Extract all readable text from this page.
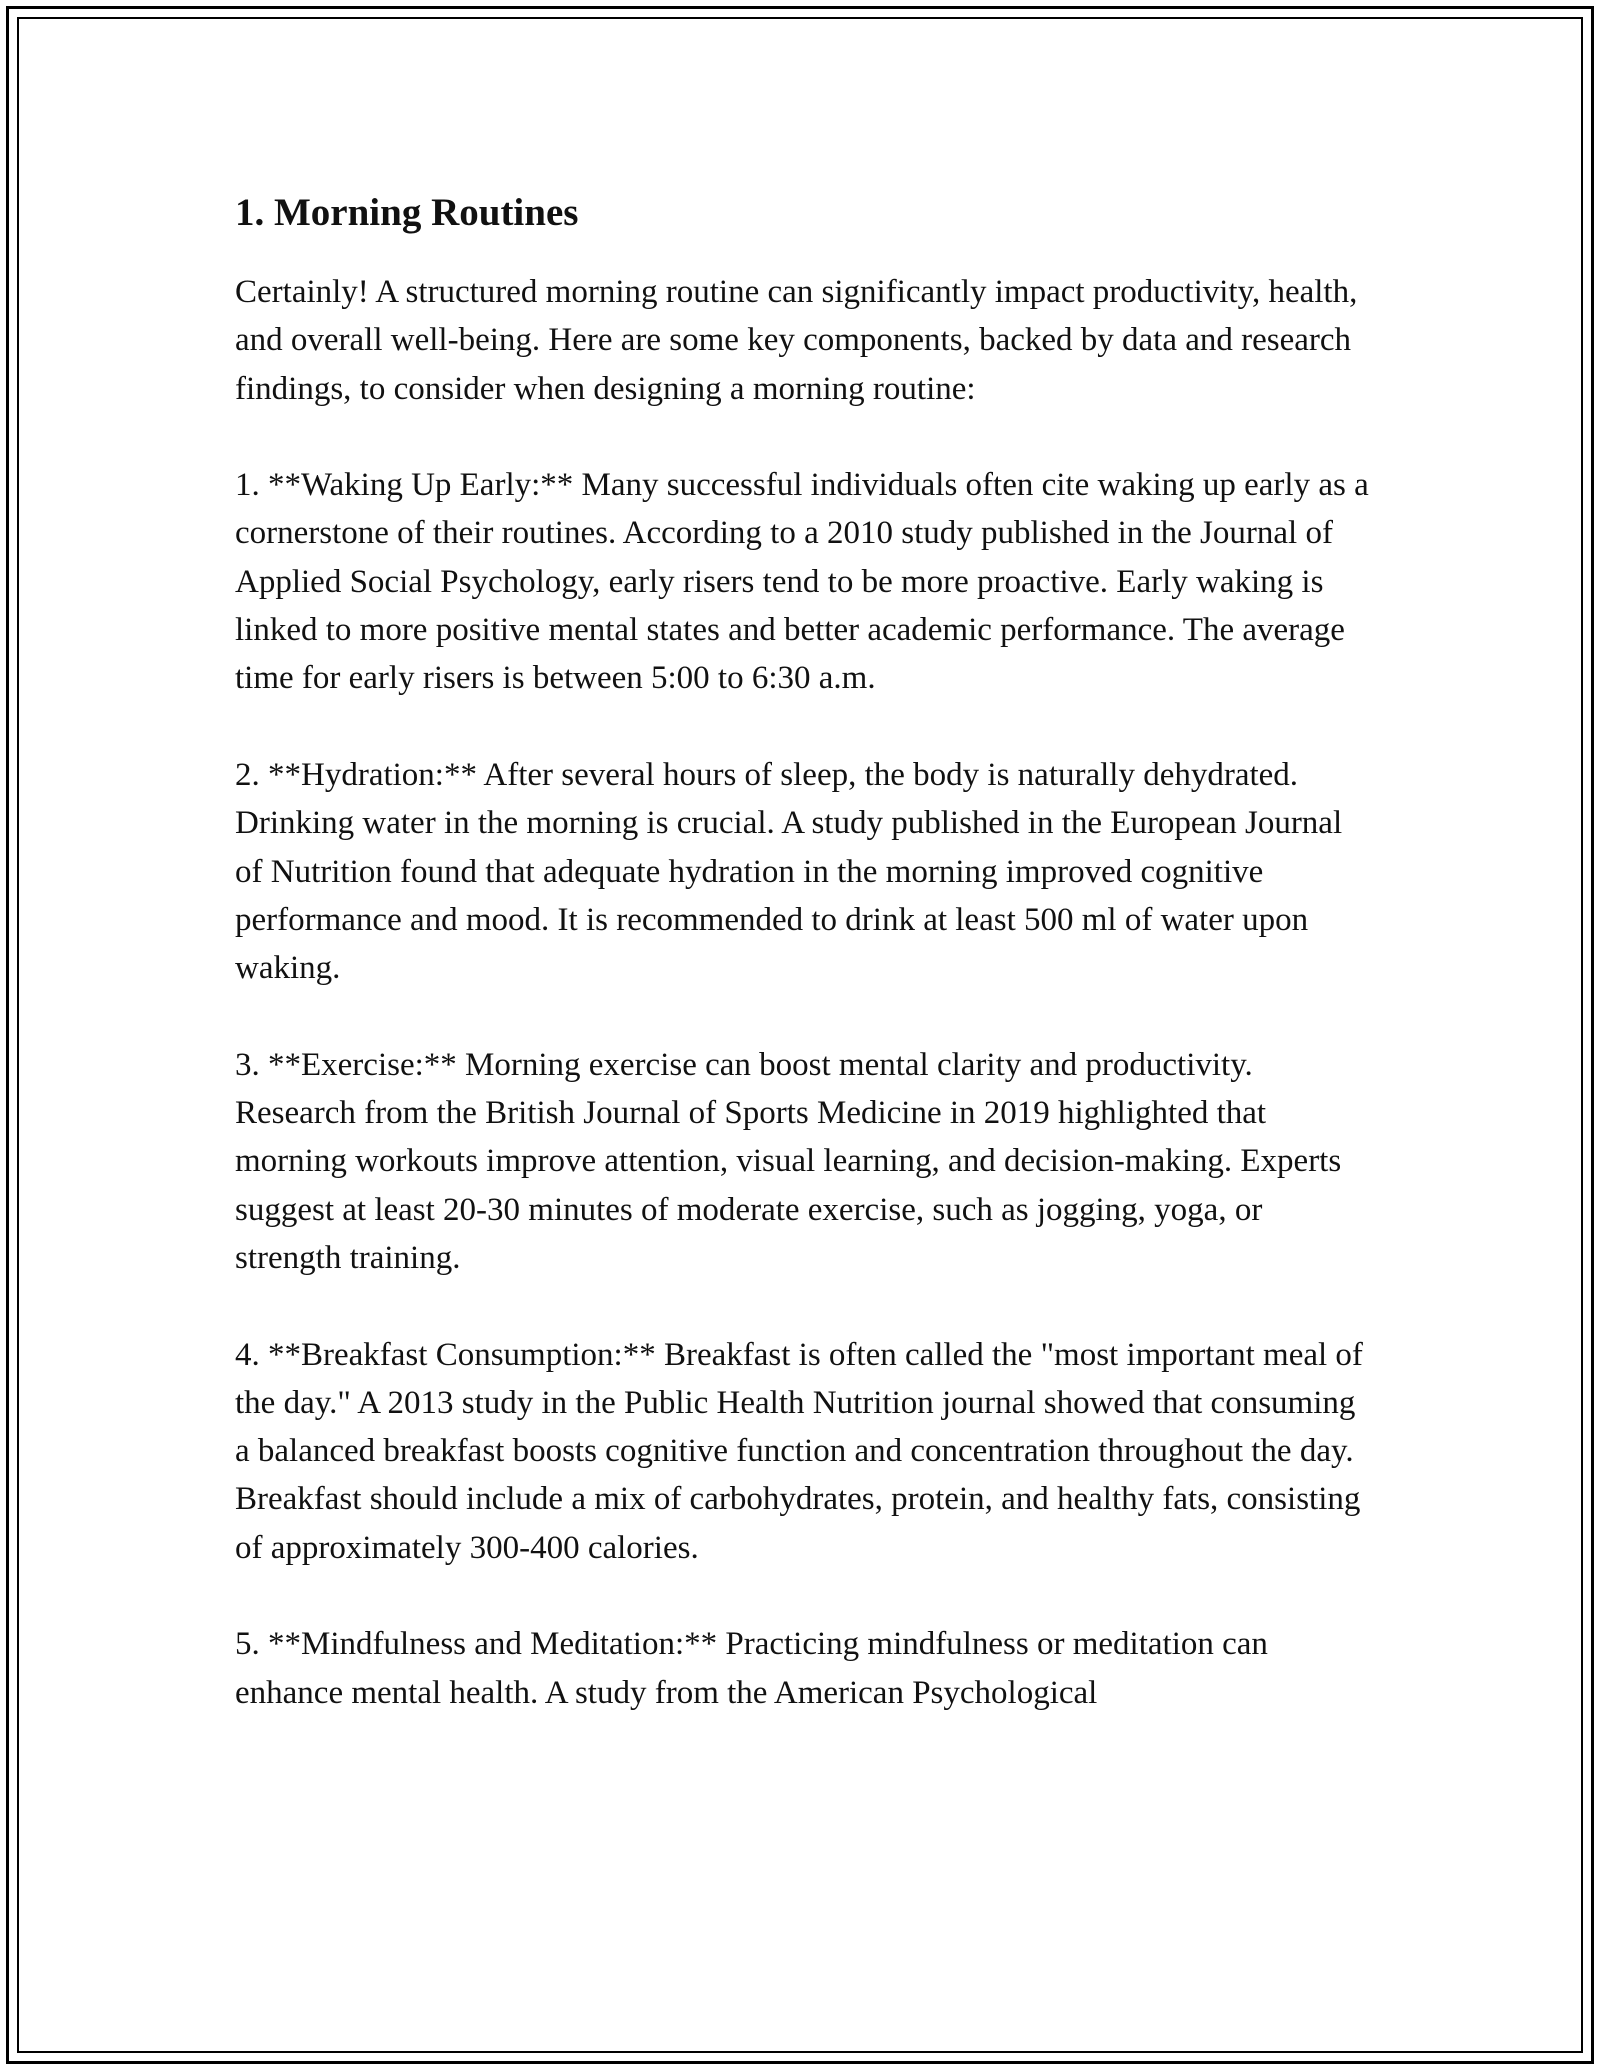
1. Morning Routines

Certainly! A structured morning routine can significantly impact productivity, health, and overall well-being. Here are some key components, backed by data and research findings, to consider when designing a morning routine:

1. **Waking Up Early:** Many successful individuals often cite waking up early as a cornerstone of their routines. According to a 2010 study published in the Journal of Applied Social Psychology, early risers tend to be more proactive. Early waking is linked to more positive mental states and better academic performance. The average time for early risers is between 5:00 to 6:30 a.m.

2. **Hydration:** After several hours of sleep, the body is naturally dehydrated. Drinking water in the morning is crucial. A study published in the European Journal of Nutrition found that adequate hydration in the morning improved cognitive performance and mood. It is recommended to drink at least 500 ml of water upon waking.

3. **Exercise:** Morning exercise can boost mental clarity and productivity. Research from the British Journal of Sports Medicine in 2019 highlighted that morning workouts improve attention, visual learning, and decision-making. Experts suggest at least 20-30 minutes of moderate exercise, such as jogging, yoga, or strength training.

4. **Breakfast Consumption:** Breakfast is often called the "most important meal of the day." A 2013 study in the Public Health Nutrition journal showed that consuming a balanced breakfast boosts cognitive function and concentration throughout the day. Breakfast should include a mix of carbohydrates, protein, and healthy fats, consisting of approximately 300-400 calories.

5. **Mindfulness and Meditation:** Practicing mindfulness or meditation can enhance mental health. A study from the American Psychological
